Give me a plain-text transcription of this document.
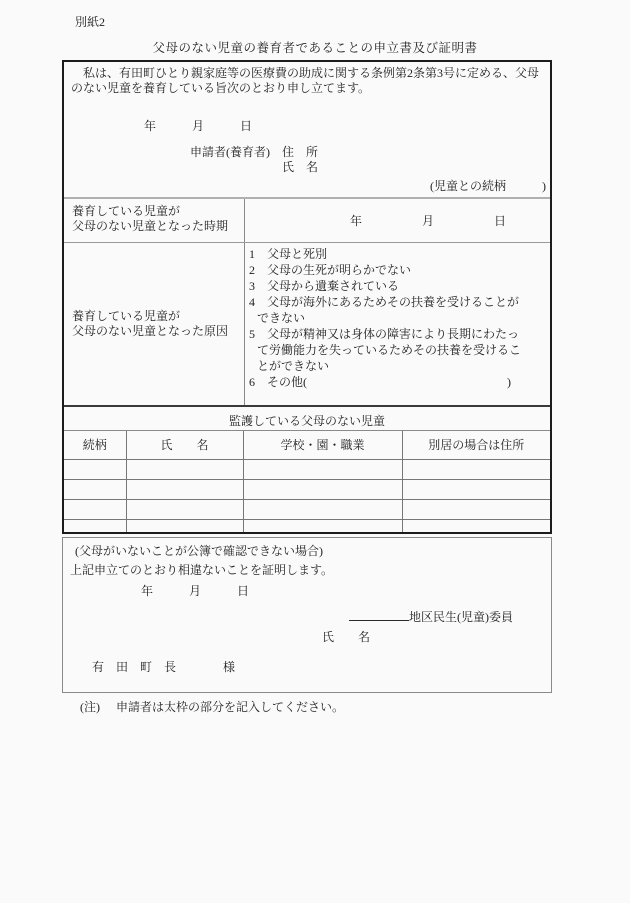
別紙2
父母のない児童の養育者であることの申立書及び証明書
　私は、有田町ひとり親家庭等の医療費の助成に関する条例第2条第3号に定める、父母
のない児童を養育している旨次のとおり申し立てます。
年　　　月　　　日
申請者(養育者) 住　所
氏　名
(児童との続柄　　　)
養育している児童が
父母のない児童となった時期	年　　　　　月　　　　　日
養育している児童が
父母のない児童となった原因
1　父母と死別
2　父母の生死が明らかでない
3　父母から遺棄されている
4　父母が海外にあるためその扶養を受けることができない
5　父母が精神又は身体の障害により長期にわたって労働能力を失っているためその扶養を受けることができない
6　その他(	)
監護している父母のない児童
続柄	氏　　名	学校・園・職業	別居の場合は住所

(父母がいないことが公簿で確認できない場合)
上記申立てのとおり相違ないことを証明します。
年　　　月　　　日
地区民生(児童)委員
氏　　名
有　田　町　長	様
(注) 申請者は太枠の部分を記入してください。
